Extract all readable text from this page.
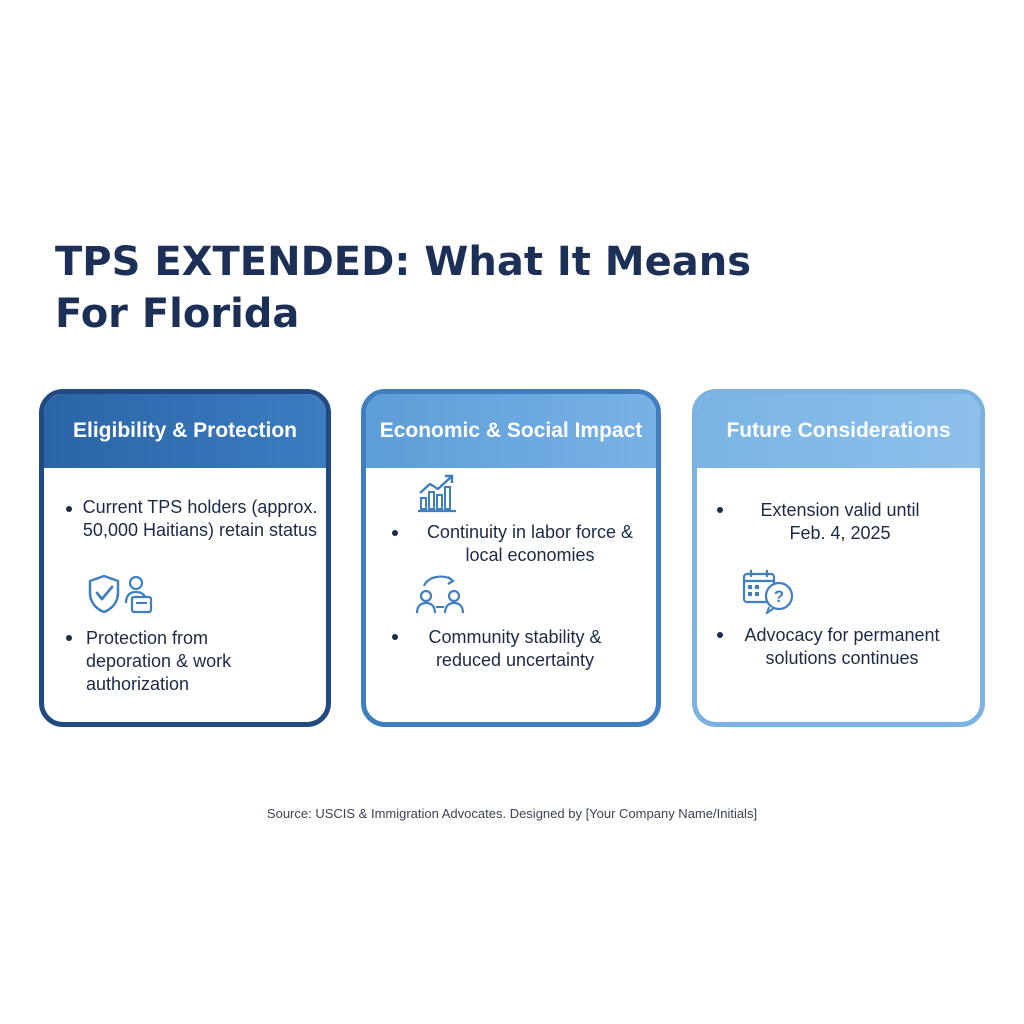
TPS EXTENDED: What It Means For Florida
Eligibility & Protection
Current TPS holders (approx. 50,000 Haitians) retain status
Protection from deporation & work authorization
Economic & Social Impact
Continuity in labor force & local economies
Community stability & reduced uncertainty
Future Considerations
Extension valid until Feb. 4, 2025
?
Advocacy for permanent solutions continues
Source: USCIS & Immigration Advocates. Designed by [Your Company Name/Initials]
